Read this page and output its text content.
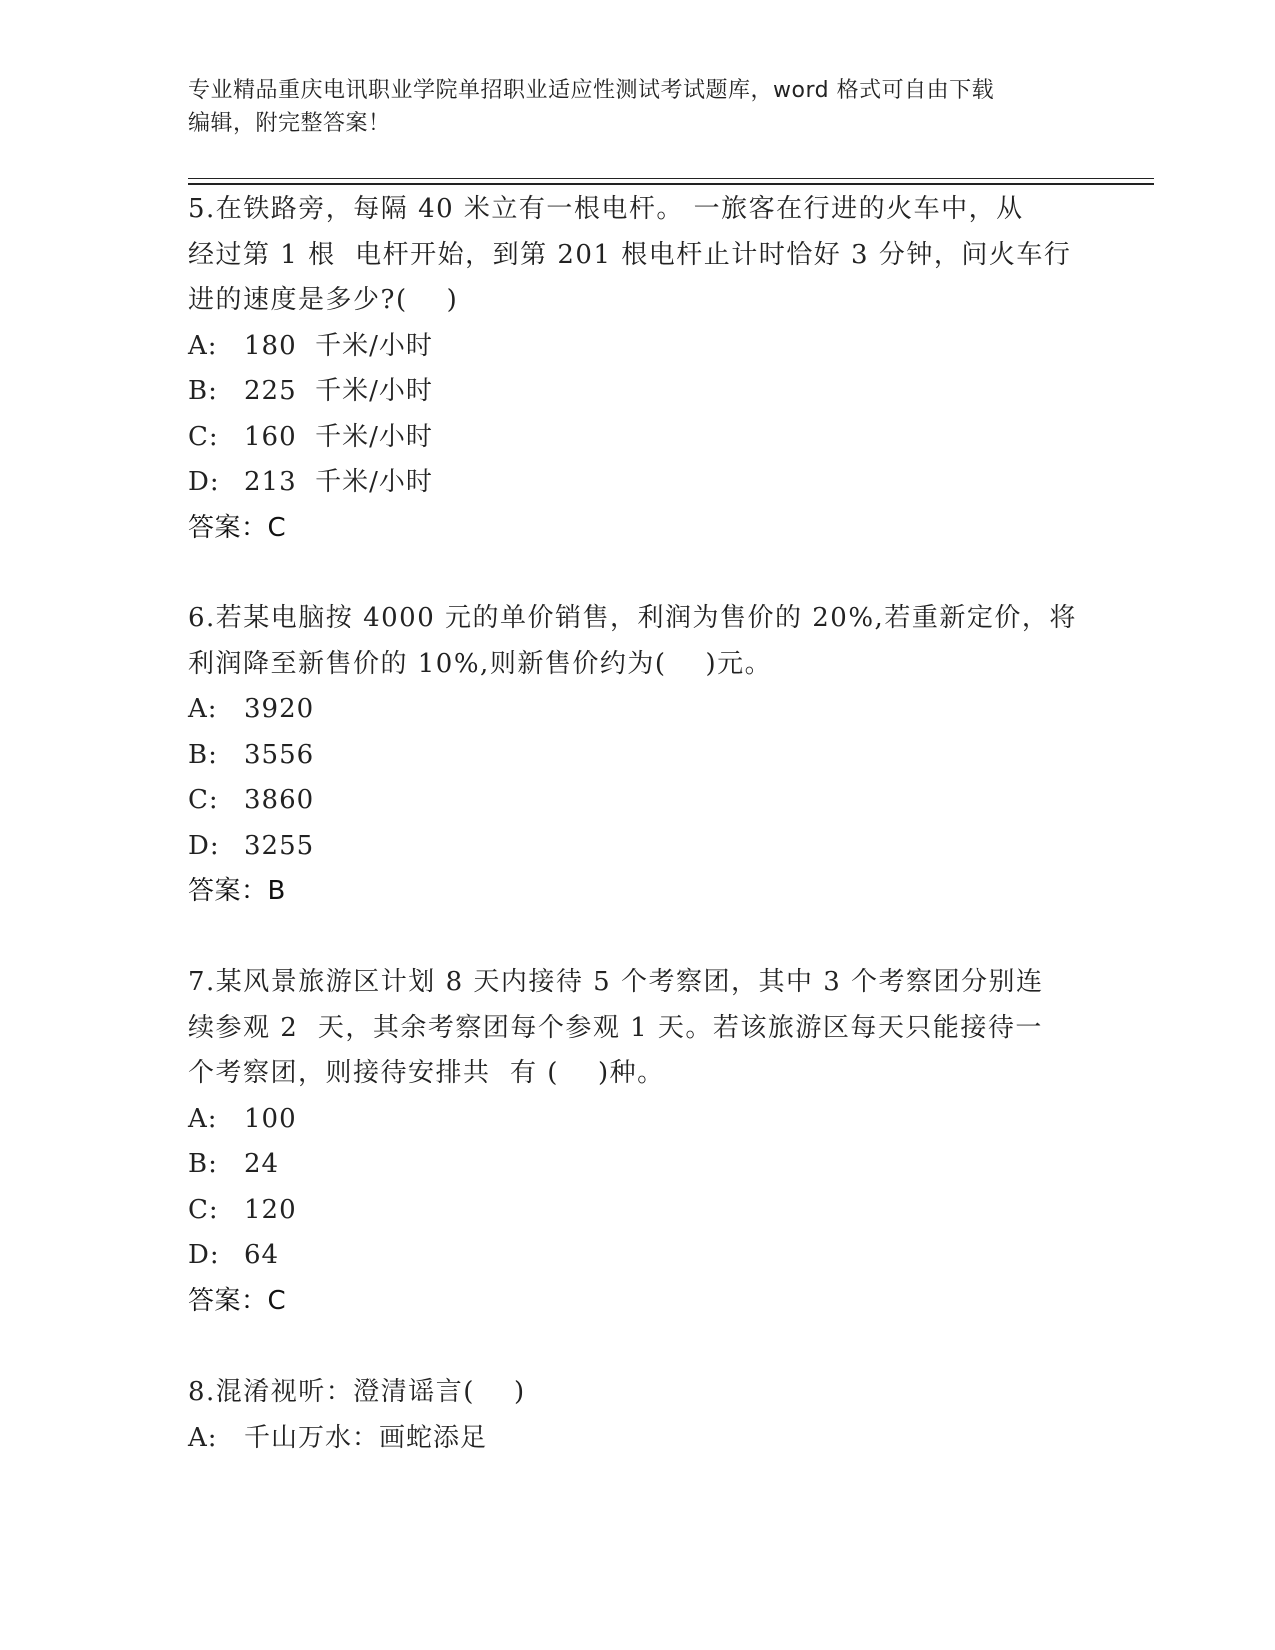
专业精品重庆电讯职业学院单招职业适应性测试考试题库，word 格式可自由下载
编辑，附完整答案！

5.在铁路旁，每隔 40 米立有一根电杆。 一旅客在行进的火车中，从

经过第 1 根  电杆开始，到第 201 根电杆止计时恰好 3 分钟，问火车行

进的速度是多少?(    )

A: 180  千米/小时

B: 225  千米/小时

C: 160  千米/小时

D: 213  千米/小时

答案：C

6.若某电脑按 4000 元的单价销售，利润为售价的 20%,若重新定价，将

利润降至新售价的 10%,则新售价约为(    )元。

A: 3920

B: 3556

C: 3860

D: 3255

答案：B

7.某风景旅游区计划 8 天内接待 5 个考察团，其中 3 个考察团分别连

续参观 2  天，其余考察团每个参观 1 天。若该旅游区每天只能接待一

个考察团，则接待安排共  有 (    )种。

A: 100

B: 24

C: 120

D: 64

答案：C

8.混淆视听：澄清谣言(    )

A: 千山万水：画蛇添足
